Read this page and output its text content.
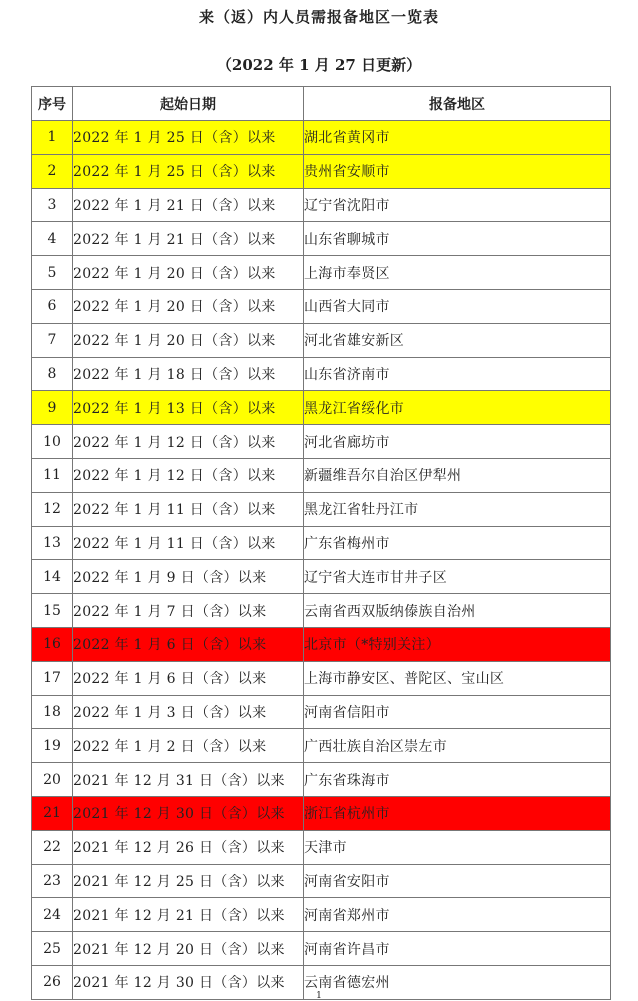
来（返）内人员需报备地区一览表
（2022 年 1 月 27 日更新）
序号	起始日期	报备地区
1	2022 年 1 月 25 日（含）以来	湖北省黄冈市
2	2022 年 1 月 25 日（含）以来	贵州省安顺市
3	2022 年 1 月 21 日（含）以来	辽宁省沈阳市
4	2022 年 1 月 21 日（含）以来	山东省聊城市
5	2022 年 1 月 20 日（含）以来	上海市奉贤区
6	2022 年 1 月 20 日（含）以来	山西省大同市
7	2022 年 1 月 20 日（含）以来	河北省雄安新区
8	2022 年 1 月 18 日（含）以来	山东省济南市
9	2022 年 1 月 13 日（含）以来	黑龙江省绥化市
10	2022 年 1 月 12 日（含）以来	河北省廊坊市
11	2022 年 1 月 12 日（含）以来	新疆维吾尔自治区伊犁州
12	2022 年 1 月 11 日（含）以来	黑龙江省牡丹江市
13	2022 年 1 月 11 日（含）以来	广东省梅州市
14	2022 年 1 月 9 日（含）以来	辽宁省大连市甘井子区
15	2022 年 1 月 7 日（含）以来	云南省西双版纳傣族自治州
16	2022 年 1 月 6 日（含）以来	北京市（*特别关注）
17	2022 年 1 月 6 日（含）以来	上海市静安区、普陀区、宝山区
18	2022 年 1 月 3 日（含）以来	河南省信阳市
19	2022 年 1 月 2 日（含）以来	广西壮族自治区崇左市
20	2021 年 12 月 31 日（含）以来	广东省珠海市
21	2021 年 12 月 30 日（含）以来	浙江省杭州市
22	2021 年 12 月 26 日（含）以来	天津市
23	2021 年 12 月 25 日（含）以来	河南省安阳市
24	2021 年 12 月 21 日（含）以来	河南省郑州市
25	2021 年 12 月 20 日（含）以来	河南省许昌市
26	2021 年 12 月 30 日（含）以来	云南省德宏州
1
